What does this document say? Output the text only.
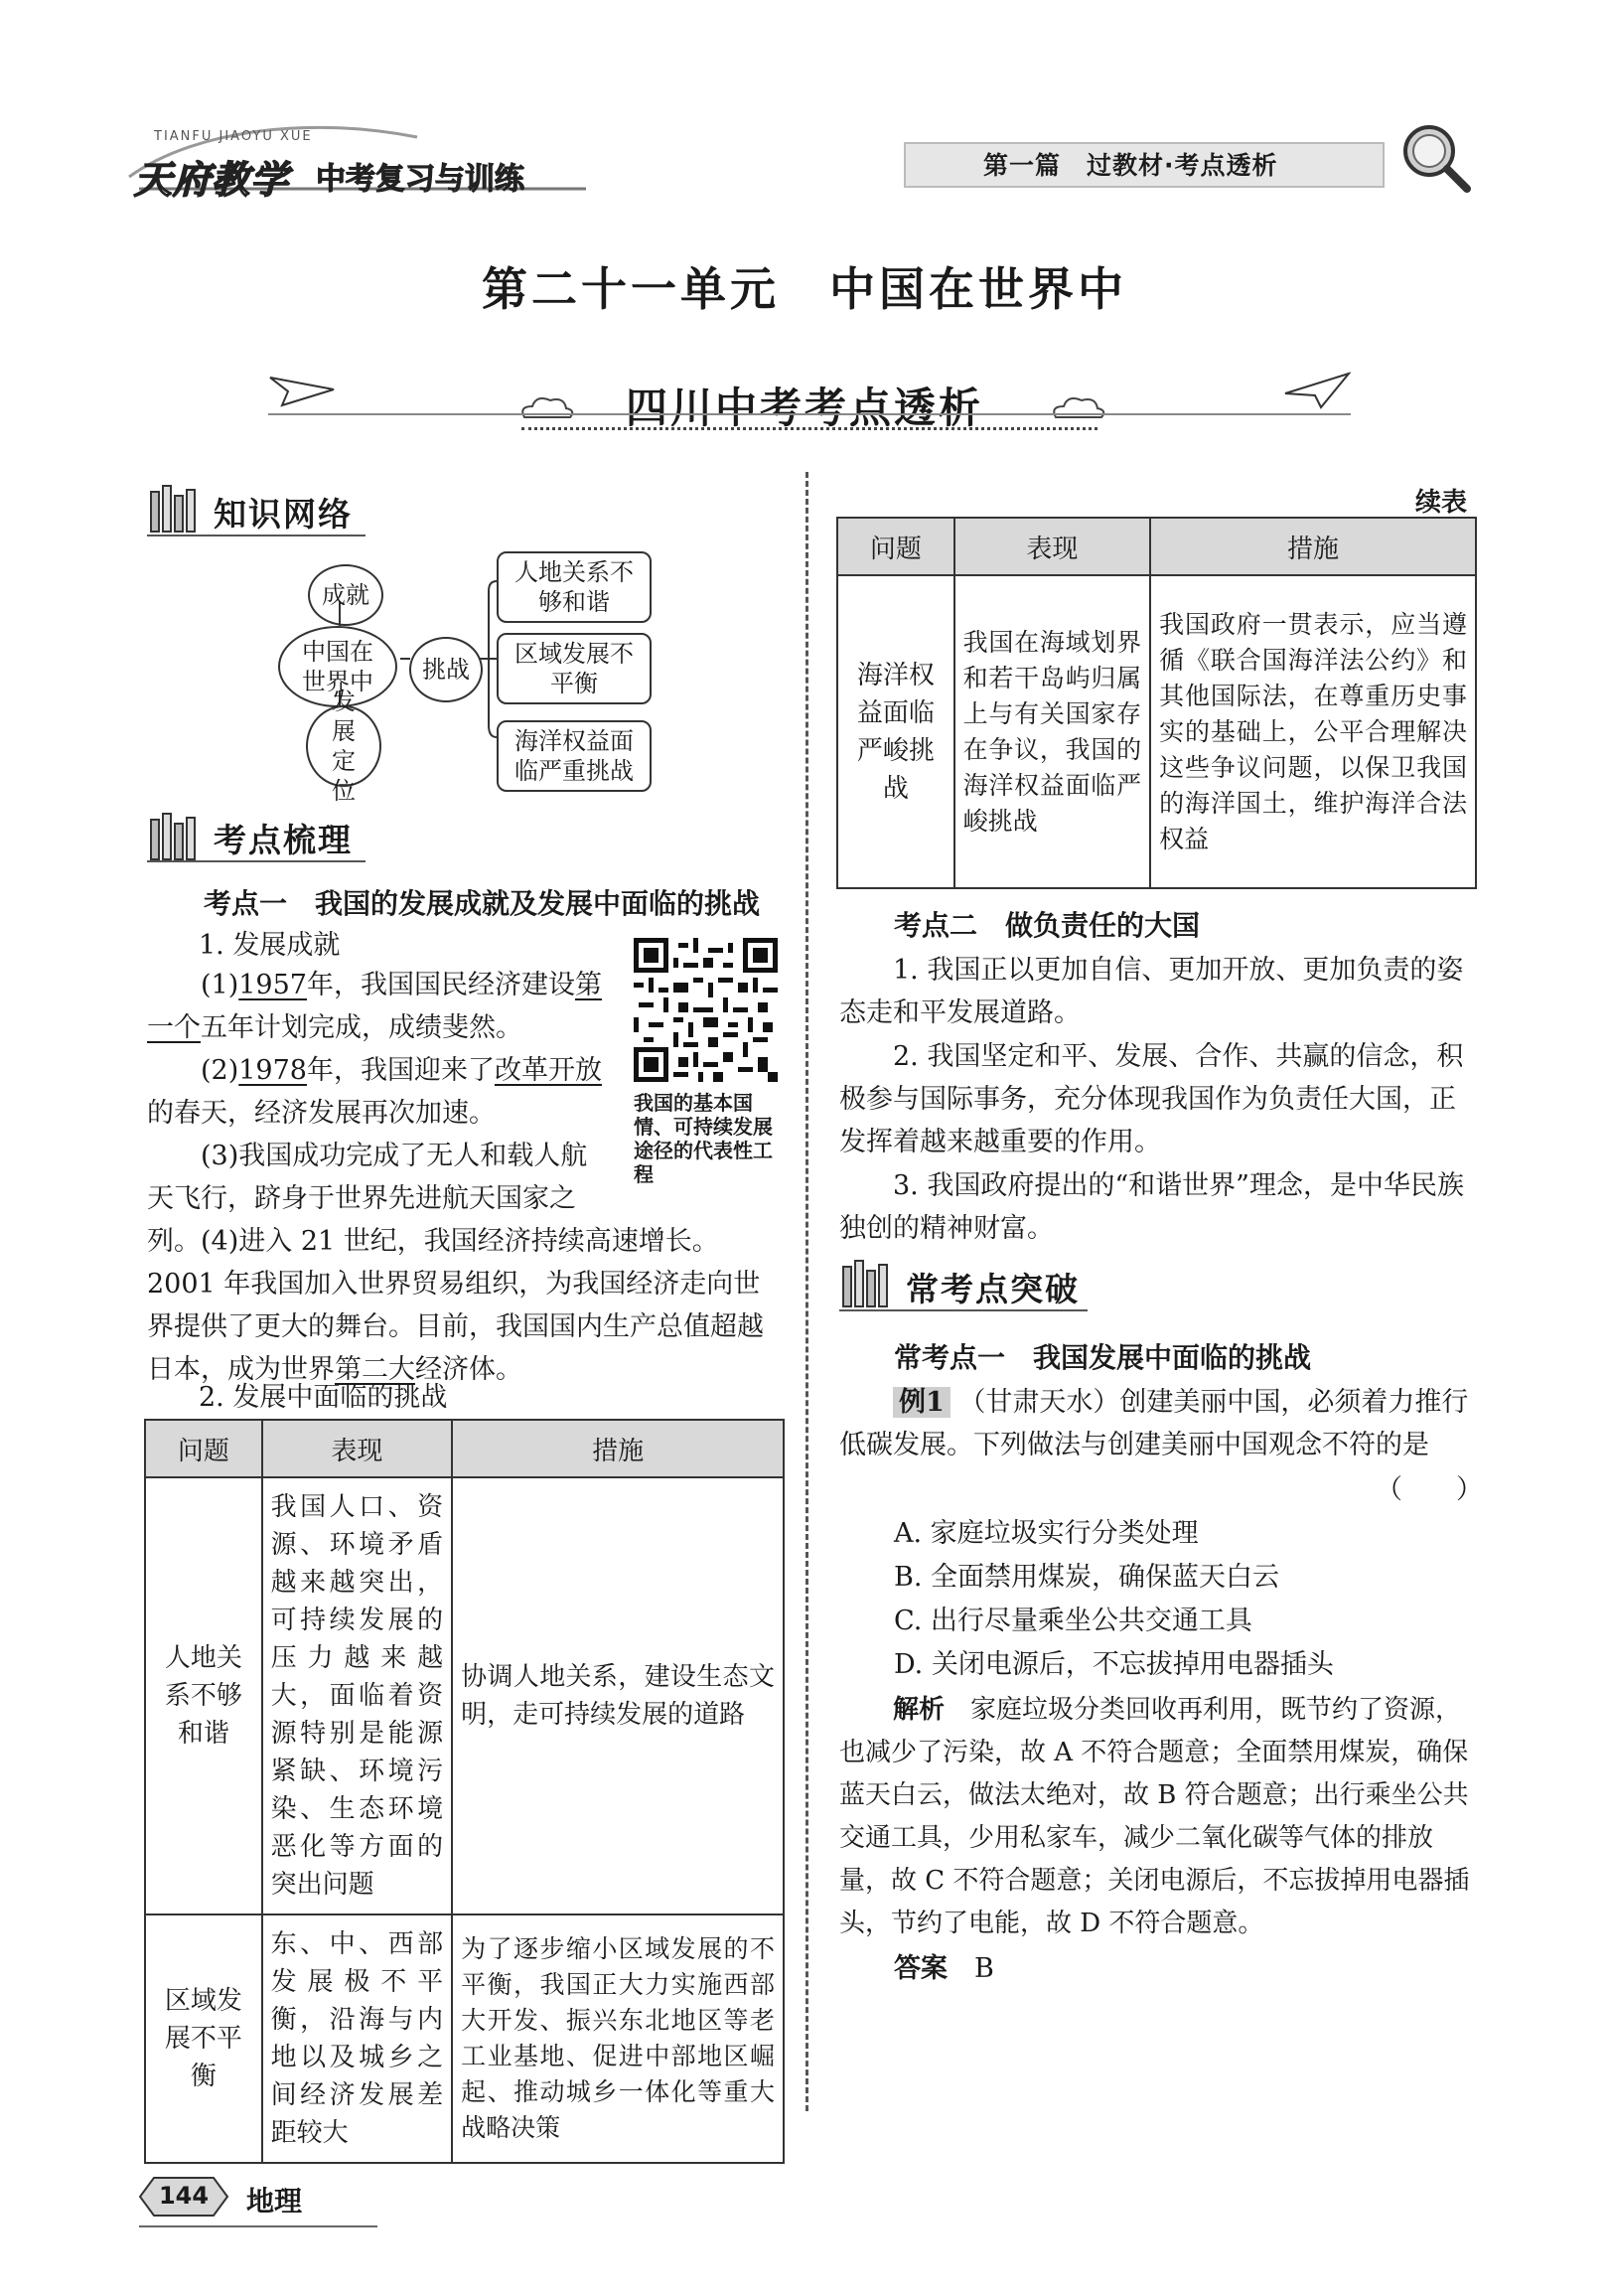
TIANFU JIAOYU XUE
天府教学 中考复习与训练	第一篇　过教材·考点透析
第二十一单元　中国在世界中
四川中考考点透析
知识网络
成就
中国在世界中	挑战
发展定位
人地关系不够和谐
区域发展不平衡
海洋权益面临严重挑战
考点梳理
考点一　我国的发展成就及发展中面临的挑战
1. 发展成就
(1)1957年，我国国民经济建设第一个五年计划完成，成绩斐然。
(2)1978年，我国迎来了改革开放的春天，经济发展再次加速。
(3)我国成功完成了无人和载人航天飞行，跻身于世界先进航天国家之列。
我国的基本国情、可持续发展途径的代表性工程
(4)进入 21 世纪，我国经济持续高速增长。2001 年我国加入世界贸易组织，为我国经济走向世界提供了更大的舞台。目前，我国国内生产总值超越日本，成为世界第二大经济体。
2. 发展中面临的挑战
问题	表现	措施
人地关系不够和谐	我国人口、资源、环境矛盾越来越突出，可持续发展的压力越来越大，面临着资源特别是能源紧缺、环境污染、生态环境恶化等方面的突出问题	协调人地关系，建设生态文明，走可持续发展的道路
区域发展不平衡	东、中、西部发展极不平衡，沿海与内地以及城乡之间经济发展差距较大	为了逐步缩小区域发展的不平衡，我国正大力实施西部大开发、振兴东北地区等老工业基地、促进中部地区崛起、推动城乡一体化等重大战略决策
续表
问题	表现	措施
海洋权益面临严峻挑战	我国在海域划界和若干岛屿归属上与有关国家存在争议，我国的海洋权益面临严峻挑战	我国政府一贯表示，应当遵循《联合国海洋法公约》和其他国际法，在尊重历史事实的基础上，公平合理解决这些争议问题，以保卫我国的海洋国土，维护海洋合法权益
考点二　做负责任的大国
1. 我国正以更加自信、更加开放、更加负责的姿态走和平发展道路。
2. 我国坚定和平、发展、合作、共赢的信念，积极参与国际事务，充分体现我国作为负责任大国，正发挥着越来越重要的作用。
3. 我国政府提出的“和谐世界”理念，是中华民族独创的精神财富。
常考点突破
常考点一　我国发展中面临的挑战
例1 （甘肃天水）创建美丽中国，必须着力推行低碳发展。下列做法与创建美丽中国观念不符的是
（　　）
A. 家庭垃圾实行分类处理
B. 全面禁用煤炭，确保蓝天白云
C. 出行尽量乘坐公共交通工具
D. 关闭电源后，不忘拔掉用电器插头
解析　 家庭垃圾分类回收再利用，既节约了资源，也减少了污染，故 A 不符合题意；全面禁用煤炭，确保蓝天白云，做法太绝对，故 B 符合题意；出行乘坐公共交通工具，少用私家车，减少二氧化碳等气体的排放量，故 C 不符合题意；关闭电源后，不忘拔掉用电器插头，节约了电能，故 D 不符合题意。
答案　 B
144	地理
